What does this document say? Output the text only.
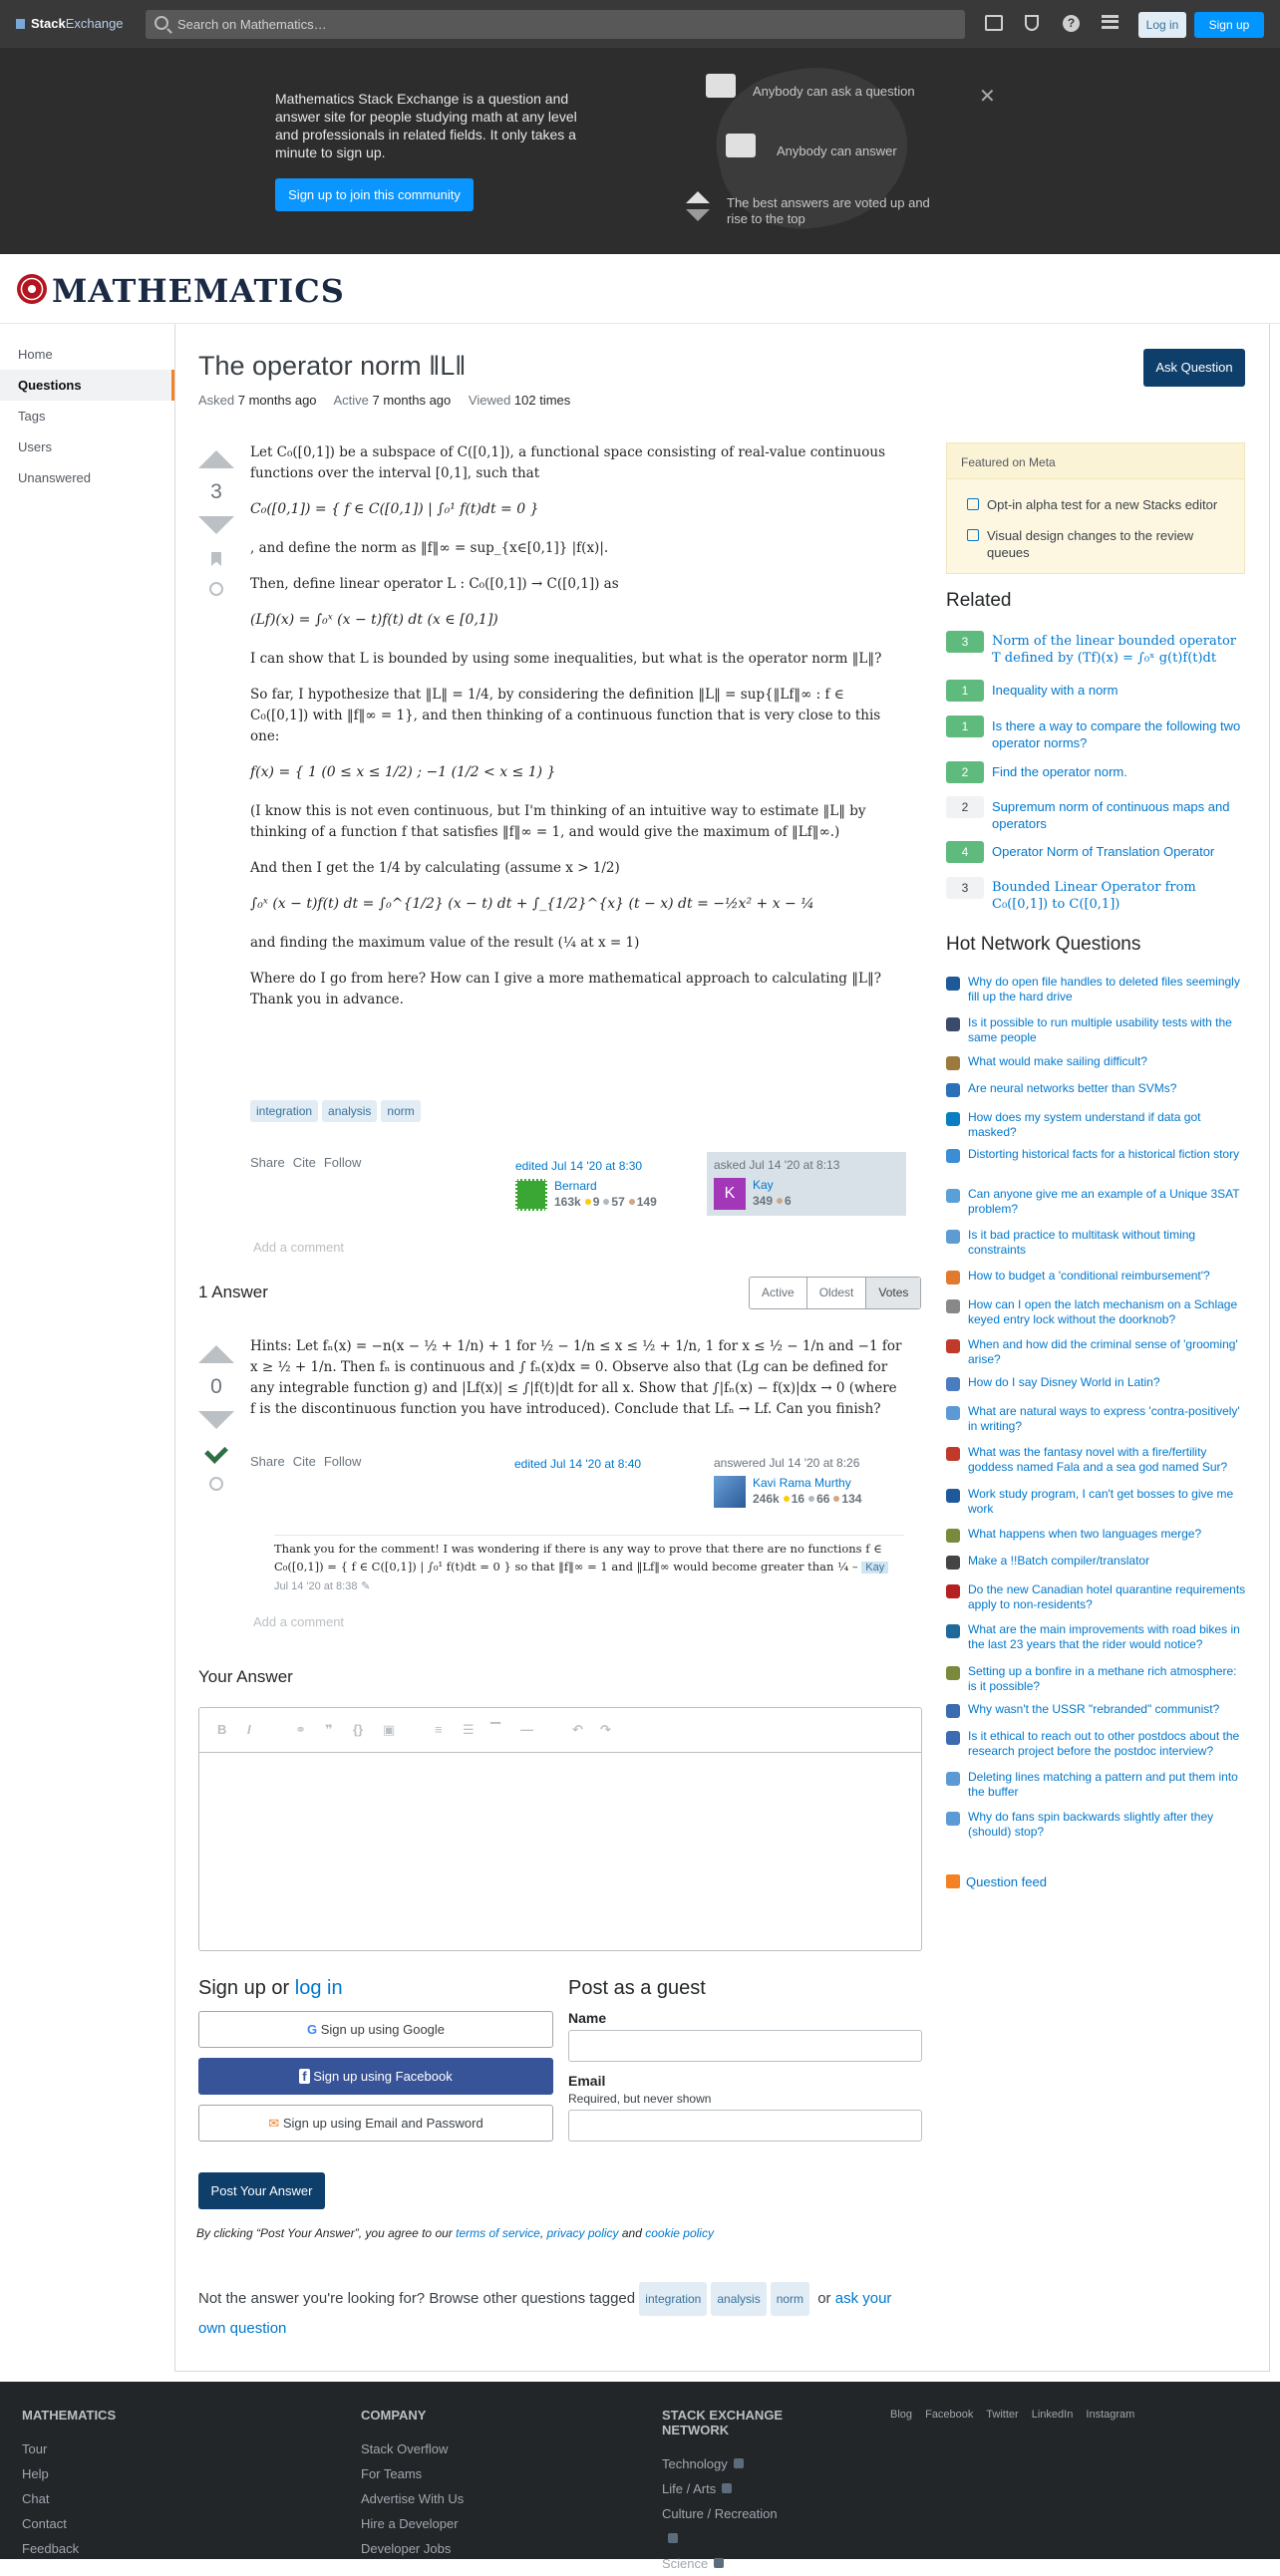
StackExchange
Search on Mathematics…	?	Log in	Sign up
Mathematics Stack Exchange is a question and answer site for people studying math at any level and professionals in related fields. It only takes a minute to sign up.
Sign up to join this community
Anybody can ask a question
Anybody can answer
The best answers are voted up and rise to the top
✕
MATHEMATICS
Home
Questions
Tags
Users
Unanswered
The operator norm ‖L‖
Asked 7 months ago Active 7 months ago Viewed 102 times
Ask Question
3

Let C₀([0,1]) be a subspace of C([0,1]), a functional space consisting of real-value continuous functions over the interval [0,1], such that

C₀([0,1]) = { f ∈ C([0,1]) | ∫₀¹ f(t)dt = 0 }

, and define the norm as ‖f‖∞ = sup_{x∈[0,1]} |f(x)|.

Then, define linear operator L : C₀([0,1]) → C([0,1]) as

(Lf)(x) = ∫₀ˣ (x − t)f(t) dt (x ∈ [0,1])

I can show that L is bounded by using some inequalities, but what is the operator norm ‖L‖?

So far, I hypothesize that ‖L‖ = 1/4, by considering the definition ‖L‖ = sup{‖Lf‖∞ : f ∈ C₀([0,1]) with ‖f‖∞ = 1}, and then thinking of a continuous function that is very close to this one:

f(x) = { 1 (0 ≤ x ≤ 1/2) ; −1 (1/2 < x ≤ 1) }

(I know this is not even continuous, but I'm thinking of an intuitive way to estimate ‖L‖ by thinking of a function f that satisfies ‖f‖∞ = 1, and would give the maximum of ‖Lf‖∞.)

And then I get the 1/4 by calculating (assume x > 1/2)

∫₀ˣ (x − t)f(t) dt = ∫₀^{1/2} (x − t) dt + ∫_{1/2}^{x} (t − x) dt = −½x² + x − ¼

and finding the maximum value of the result (¼ at x = 1)

Where do I go from here? How can I give a more mathematical approach to calculating ‖L‖? Thank you in advance.

integration analysis norm
Share Cite Follow	edited Jul 14 '20 at 8:30
Bernard
163k 9 57 149
asked Jul 14 '20 at 8:13
K	Kay
349 6
Add a comment
1 Answer	Active	Oldest	Votes
0

Hints: Let fₙ(x) = −n(x − ½ + 1/n) + 1 for ½ − 1/n ≤ x ≤ ½ + 1/n, 1 for x ≤ ½ − 1/n and −1 for x ≥ ½ + 1/n. Then fₙ is continuous and ∫ fₙ(x)dx = 0. Observe also that (Lg can be defined for any integrable function g) and |Lf(x)| ≤ ∫|f(t)|dt for all x. Show that ∫|fₙ(x) − f(x)|dx → 0 (where f is the discontinuous function you have introduced). Conclude that Lfₙ → Lf. Can you finish?

Share Cite Follow	edited Jul 14 '20 at 8:40	answered Jul 14 '20 at 8:26
Kavi Rama Murthy
246k 16 66 134
Thank you for the comment! I was wondering if there is any way to prove that there are no functions f ∈ C₀([0,1]) = { f ∈ C([0,1]) | ∫₀¹ f(t)dt = 0 } so that ‖f‖∞ = 1 and ‖Lf‖∞ would become greater than ¼ – Kay Jul 14 '20 at 8:38 ✎
Add a comment
Your Answer
B I	⚭ ❞ {} ▣	≡ ☰ ▔ —	↶ ↷
Sign up or log in
G Sign up using Google
f Sign up using Facebook
✉ Sign up using Email and Password
Post as a guest
Name
Email
Required, but never shown
Post Your Answer
By clicking “Post Your Answer”, you agree to our terms of service, privacy policy and cookie policy
Not the answer you're looking for? Browse other questions tagged integration analysis norm or ask your own question
Featured on Meta
Opt-in alpha test for a new Stacks editor
Visual design changes to the review queues
Related
3	Norm of the linear bounded operator T defined by (Tf)(x) = ∫₀ˣ g(t)f(t)dt
1	Inequality with a norm
1	Is there a way to compare the following two operator norms?
2	Find the operator norm.
2	Supremum norm of continuous maps and operators
4	Operator Norm of Translation Operator
3	Bounded Linear Operator from C₀([0,1]) to C([0,1])
Hot Network Questions
Why do open file handles to deleted files seemingly fill up the hard drive
Is it possible to run multiple usability tests with the same people
What would make sailing difficult?
Are neural networks better than SVMs?
How does my system understand if data got masked?
Distorting historical facts for a historical fiction story
Can anyone give me an example of a Unique 3SAT problem?
Is it bad practice to multitask without timing constraints
How to budget a 'conditional reimbursement'?
How can I open the latch mechanism on a Schlage keyed entry lock without the doorknob?
When and how did the criminal sense of 'grooming' arise?
How do I say Disney World in Latin?
What are natural ways to express 'contra-positively' in writing?
What was the fantasy novel with a fire/fertility goddess named Fala and a sea god named Sur?
Work study program, I can't get bosses to give me work
What happens when two languages merge?
Make a !!Batch compiler/translator
Do the new Canadian hotel quarantine requirements apply to non-residents?
What are the main improvements with road bikes in the last 23 years that the rider would notice?
Setting up a bonfire in a methane rich atmosphere: is it possible?
Why wasn't the USSR "rebranded" communist?
Is it ethical to reach out to other postdocs about the research project before the postdoc interview?
Deleting lines matching a pattern and put them into the buffer
Why do fans spin backwards slightly after they (should) stop?
Question feed
MATHEMATICS
Tour
Help
Chat
Contact
Feedback
COMPANY
Stack Overflow
For Teams
Advertise With Us
Hire a Developer
Developer Jobs
STACK EXCHANGE NETWORK
Technology
Life / Arts
Culture / Recreation
Science
Blog Facebook Twitter LinkedIn Instagram
